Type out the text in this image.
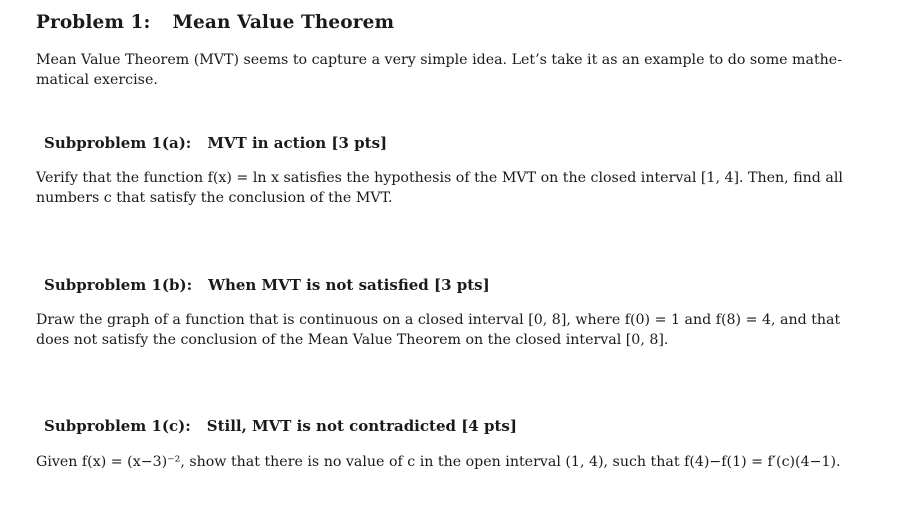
Problem 1: Mean Value Theorem
Mean Value Theorem (MVT) seems to capture a very simple idea. Let’s take it as an example to do some mathe-
matical exercise.
Subproblem 1(a): MVT in action [3 pts]
Verify that the function f(x) = ln x satisfies the hypothesis of the MVT on the closed interval [1, 4]. Then, find all
numbers c that satisfy the conclusion of the MVT.
Subproblem 1(b): When MVT is not satisfied [3 pts]
Draw the graph of a function that is continuous on a closed interval [0, 8], where f(0) = 1 and f(8) = 4, and that
does not satisfy the conclusion of the Mean Value Theorem on the closed interval [0, 8].
Subproblem 1(c): Still, MVT is not contradicted [4 pts]
Given f(x) = (x−3)⁻², show that there is no value of c in the open interval (1, 4), such that f(4)−f(1) = f′(c)(4−1).
